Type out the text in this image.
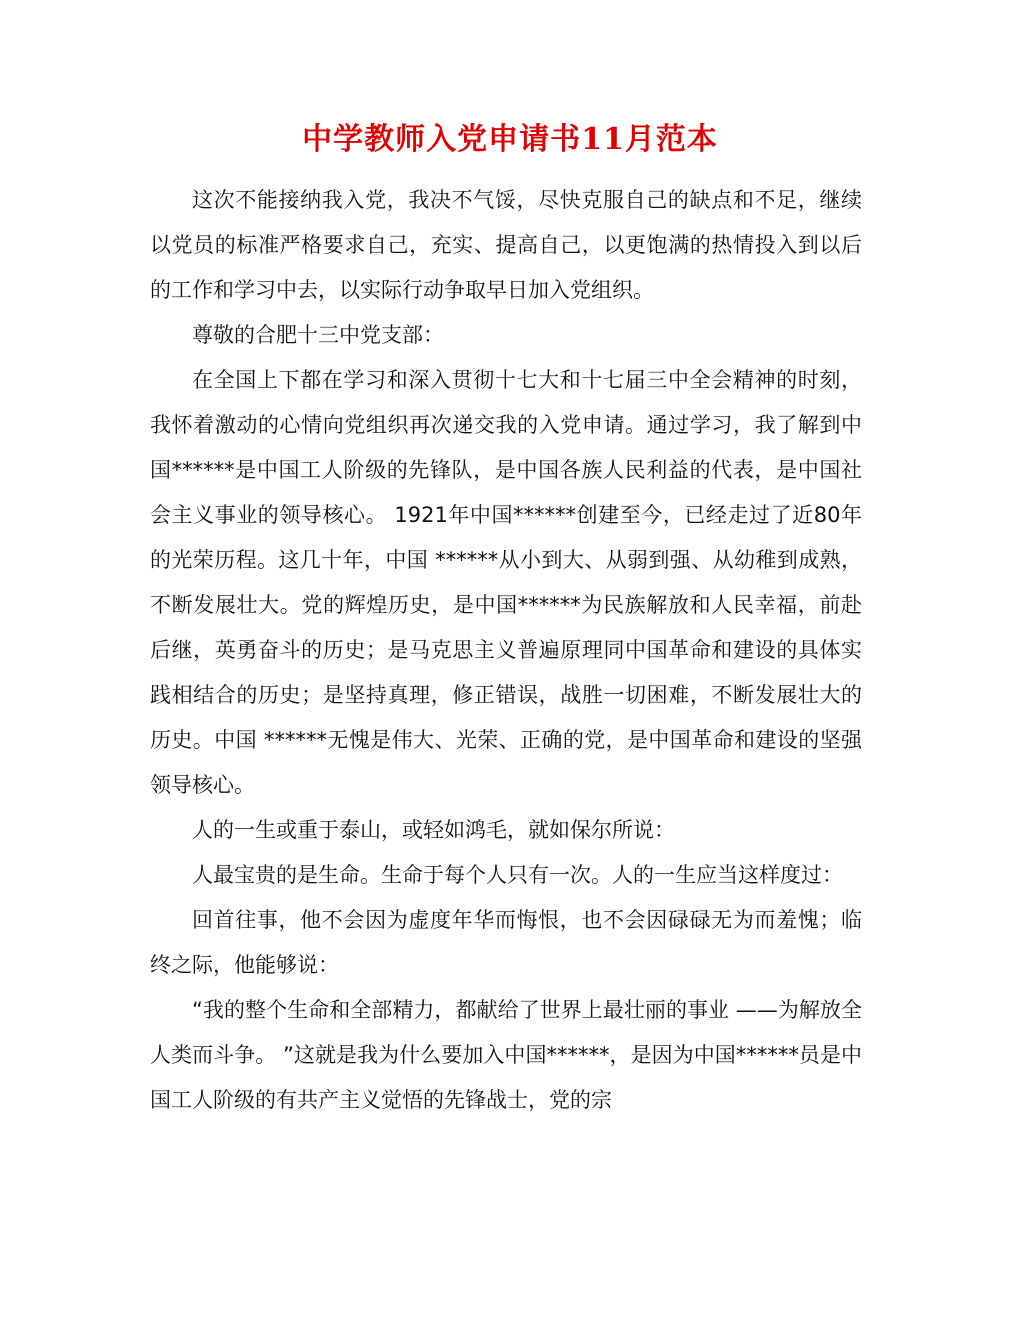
中学教师入党申请书11月范本

这次不能接纳我入党，我决不气馁，尽快克服自己的缺点和不足，继续以党员的标准严格要求自己，充实、提高自己，以更饱满的热情投入到以后的工作和学习中去，以实际行动争取早日加入党组织。

尊敬的合肥十三中党支部：

在全国上下都在学习和深入贯彻十七大和十七届三中全会精神的时刻，我怀着激动的心情向党组织再次递交我的入党申请。通过学习，我了解到中国******是中国工人阶级的先锋队，是中国各族人民利益的代表，是中国社会主义事业的领导核心。 1921年中国******创建至今，已经走过了近80年的光荣历程。这几十年，中国 ******从小到大、从弱到强、从幼稚到成熟，不断发展壮大。党的辉煌历史，是中国******为民族解放和人民幸福，前赴后继，英勇奋斗的历史；是马克思主义普遍原理同中国革命和建设的具体实践相结合的历史；是坚持真理，修正错误，战胜一切困难，不断发展壮大的历史。中国 ******无愧是伟大、光荣、正确的党，是中国革命和建设的坚强领导核心。

人的一生或重于泰山，或轻如鸿毛，就如保尔所说：

人最宝贵的是生命。生命于每个人只有一次。人的一生应当这样度过：

回首往事，他不会因为虚度年华而悔恨，也不会因碌碌无为而羞愧；临终之际，他能够说：

“我的整个生命和全部精力，都献给了世界上最壮丽的事业 ——为解放全人类而斗争。 ”这就是我为什么要加入中国******，是因为中国******员是中国工人阶级的有共产主义觉悟的先锋战士，党的宗
